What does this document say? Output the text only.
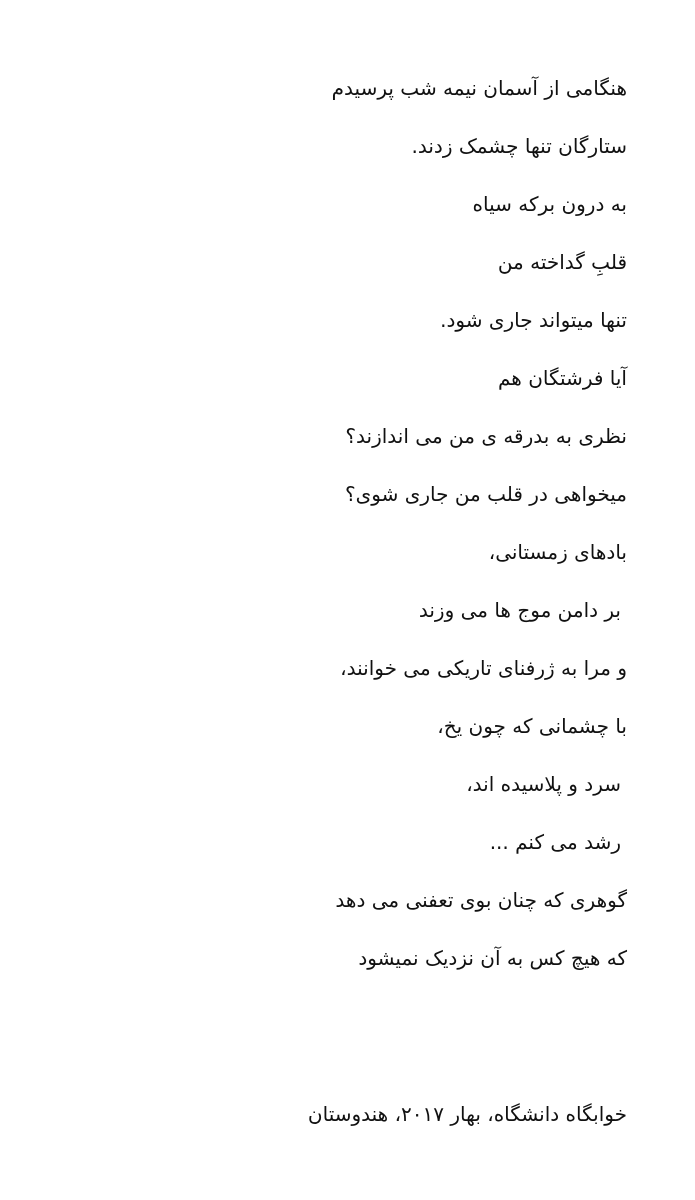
هنگامی از آسمان نیمه شب پرسیدم
ستارگان تنها چشمک زدند.
به درون برکه سیاه
قلبِ گداخته من
تنها میتواند جاری شود.
آیا فرشتگان هم
نظری به بدرقه ی من می اندازند؟
میخواهی در قلب من جاری شوی؟
بادهای زمستانی،
بر دامن موج ها می وزند
و مرا به ژرفنای تاریکی می خوانند،
با چشمانی که چون یخ،
سرد و پلاسیده اند،
رشد می کنم ...
گوهری که چنان بوی تعفنی می دهد
که هیچ کس به آن نزدیک نمیشود
خوابگاه دانشگاه، بهار ۲۰۱۷، هندوستان
